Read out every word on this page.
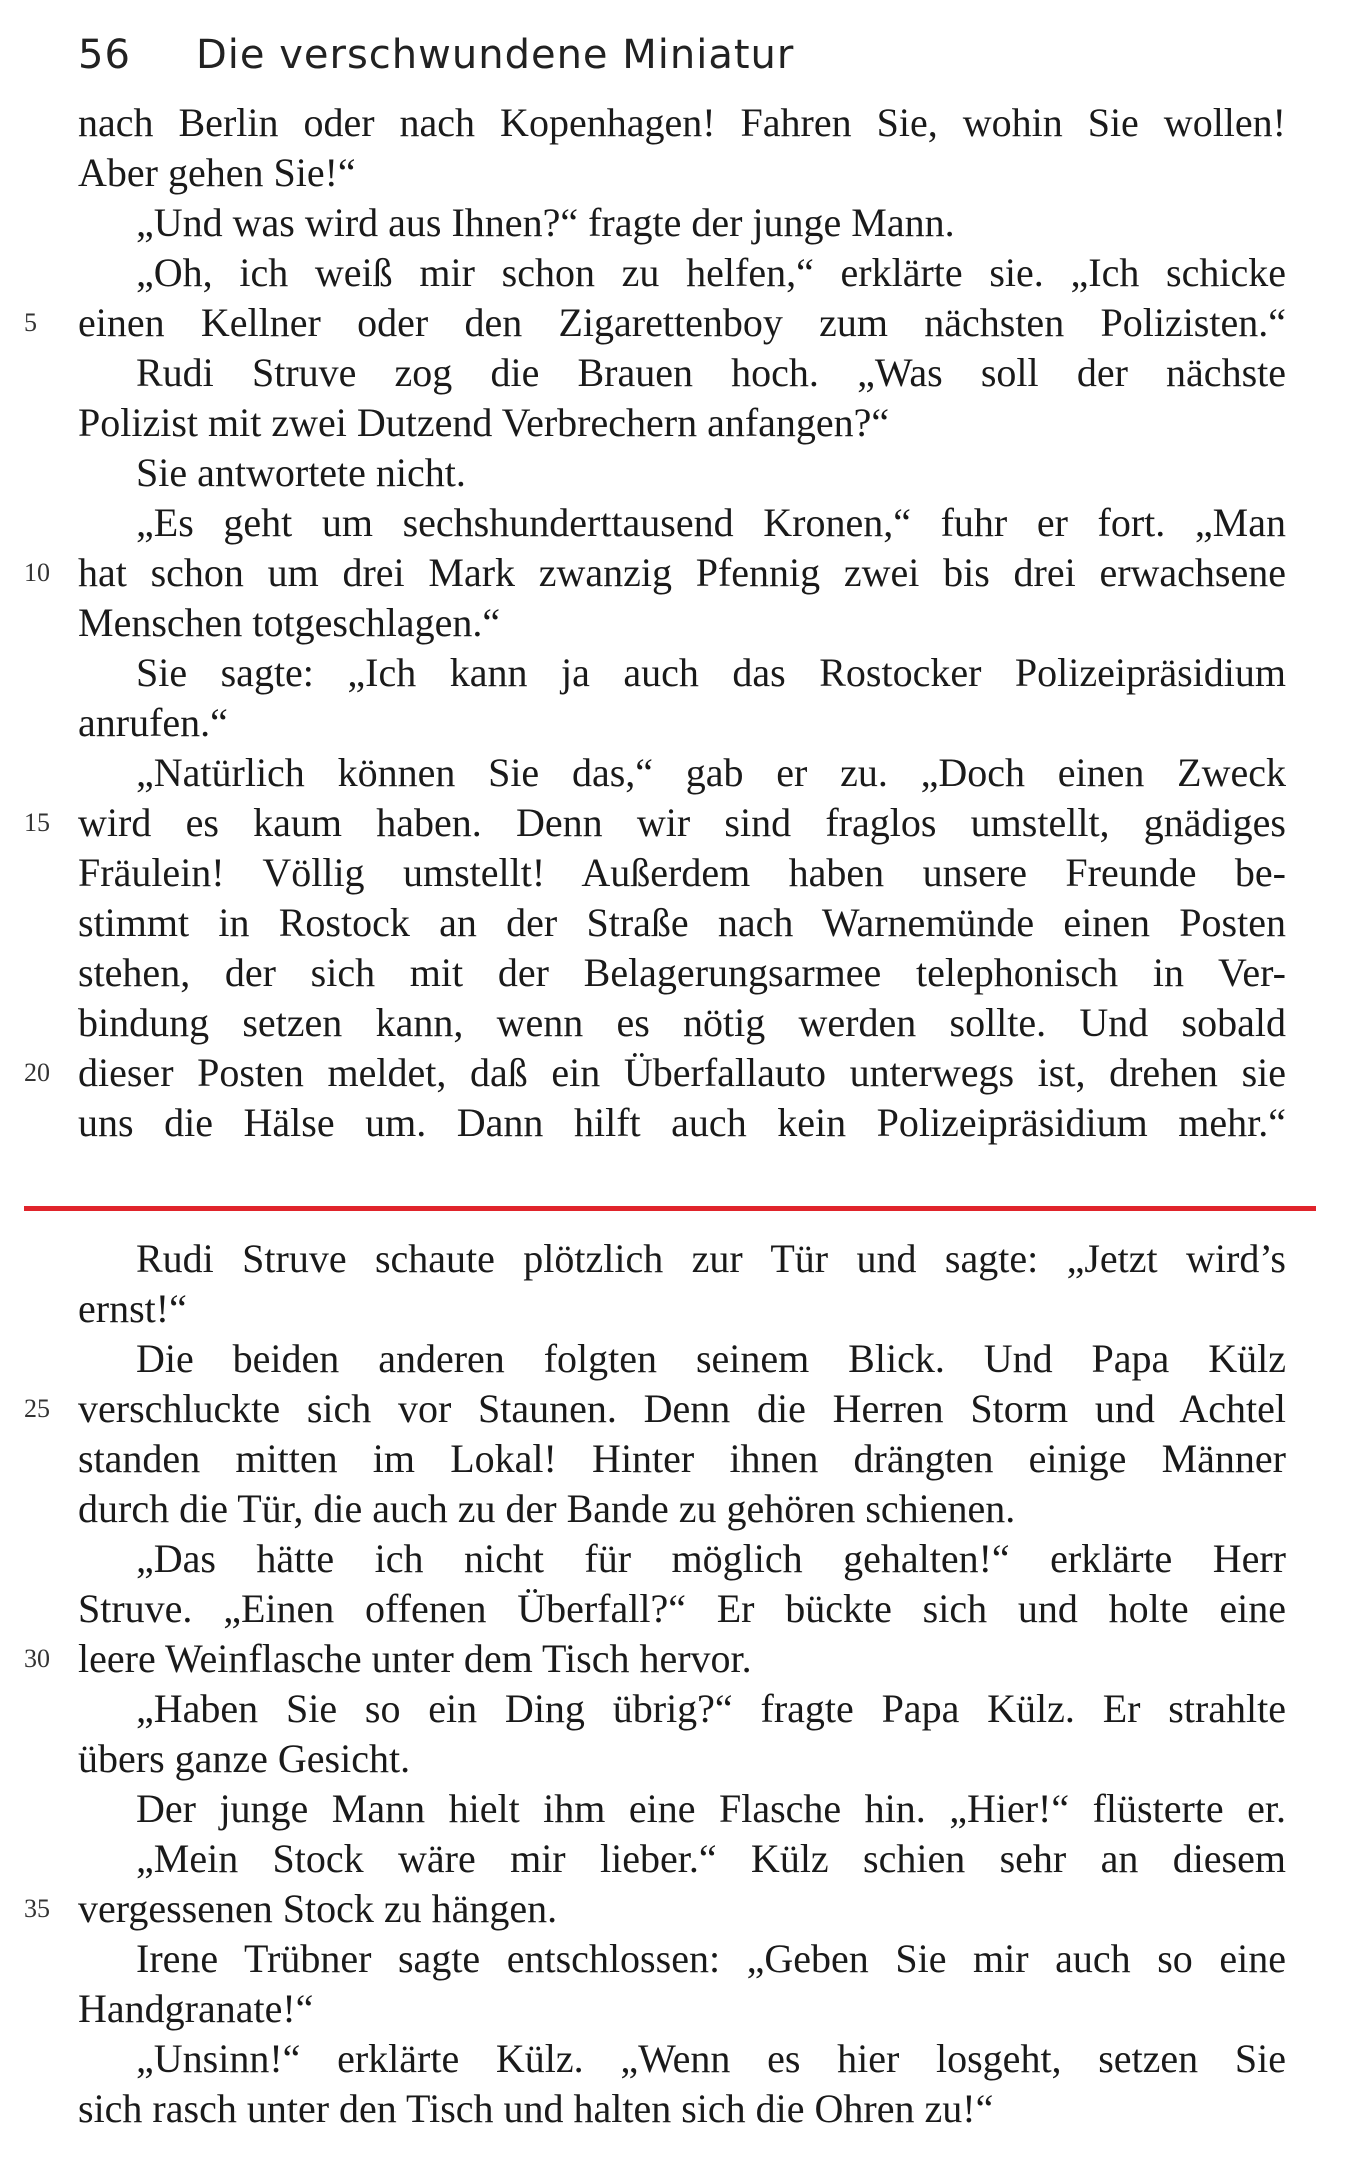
56 Die verschwundene Miniatur
nach Berlin oder nach Kopenhagen! Fahren Sie, wohin Sie wollen!
Aber gehen Sie!“
„Und was wird aus Ihnen?“ fragte der junge Mann.
„Oh, ich weiß mir schon zu helfen,“ erklärte sie. „Ich schicke
5	einen Kellner oder den Zigarettenboy zum nächsten Polizisten.“
Rudi Struve zog die Brauen hoch. „Was soll der nächste
Polizist mit zwei Dutzend Verbrechern anfangen?“
Sie antwortete nicht.
„Es geht um sechshunderttausend Kronen,“ fuhr er fort. „Man
10 hat schon um drei Mark zwanzig Pfennig zwei bis drei erwachsene
Menschen totgeschlagen.“
Sie sagte: „Ich kann ja auch das Rostocker Polizeipräsidium
anrufen.“
„Natürlich können Sie das,“ gab er zu. „Doch einen Zweck
15 wird es kaum haben. Denn wir sind fraglos umstellt, gnädiges
Fräulein! Völlig umstellt! Außerdem haben unsere Freunde be-
stimmt in Rostock an der Straße nach Warnemünde einen Posten
stehen, der sich mit der Belagerungsarmee telephonisch in Ver-
bindung setzen kann, wenn es nötig werden sollte. Und sobald
20 dieser Posten meldet, daß ein Überfallauto unterwegs ist, drehen sie
uns die Hälse um. Dann hilft auch kein Polizeipräsidium mehr.“
Rudi Struve schaute plötzlich zur Tür und sagte: „Jetzt wird’s
ernst!“
Die beiden anderen folgten seinem Blick. Und Papa Külz
25 verschluckte sich vor Staunen. Denn die Herren Storm und Achtel
standen mitten im Lokal! Hinter ihnen drängten einige Männer
durch die Tür, die auch zu der Bande zu gehören schienen.
„Das hätte ich nicht für möglich gehalten!“ erklärte Herr
Struve. „Einen offenen Überfall?“ Er bückte sich und holte eine
30 leere Weinflasche unter dem Tisch hervor.
„Haben Sie so ein Ding übrig?“ fragte Papa Külz. Er strahlte
übers ganze Gesicht.
Der junge Mann hielt ihm eine Flasche hin. „Hier!“ flüsterte er.
„Mein Stock wäre mir lieber.“ Külz schien sehr an diesem
35 vergessenen Stock zu hängen.
Irene Trübner sagte entschlossen: „Geben Sie mir auch so eine
Handgranate!“
„Unsinn!“ erklärte Külz. „Wenn es hier losgeht, setzen Sie
sich rasch unter den Tisch und halten sich die Ohren zu!“
